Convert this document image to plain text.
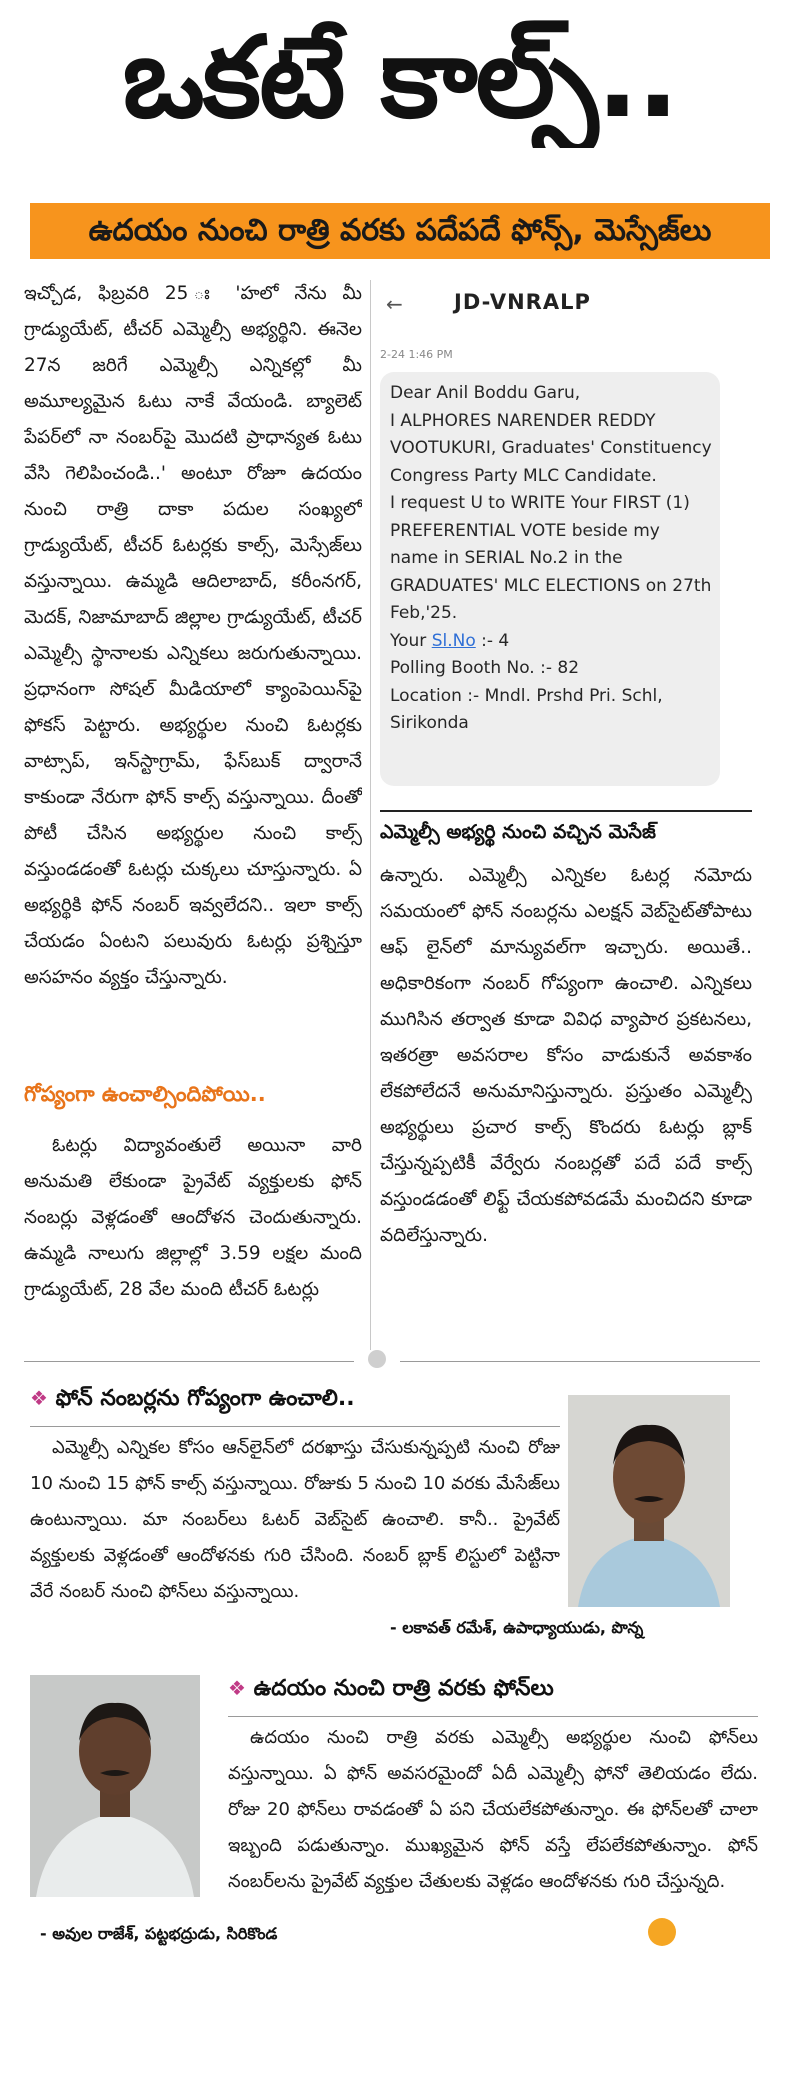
ఒకటే కాల్స్..
ఉదయం నుంచి రాత్రి వరకు పదేపదే ఫోన్స్, మెస్సేజ్‌లు
ఇచ్చోడ, ఫిబ్రవరి 25 ః 'హలో నేను మీ గ్రాడ్యుయేట్, టీచర్ ఎమ్మెల్సీ అభ్యర్థిని. ఈనెల 27న జరిగే ఎమ్మెల్సీ ఎన్నికల్లో మీ అమూల్యమైన ఓటు నాకే వేయండి. బ్యాలెట్ పేపర్‌లో నా నంబర్‌పై మొదటి ప్రాధాన్యత ఓటు వేసి గెలిపించండి..' అంటూ రోజూ ఉదయం నుంచి రాత్రి దాకా పదుల సంఖ్యలో గ్రాడ్యుయేట్, టీచర్ ఓటర్లకు కాల్స్, మెస్సేజ్‌లు వస్తున్నాయి. ఉమ్మడి ఆదిలాబాద్, కరీంనగర్, మెదక్, నిజామాబాద్ జిల్లాల గ్రాడ్యుయేట్, టీచర్ ఎమ్మెల్సీ స్థానాలకు ఎన్నికలు జరుగుతున్నాయి. ప్రధానంగా సోషల్ మీడియాలో క్యాంపెయిన్‌పై ఫోకస్ పెట్టారు. అభ్యర్థుల నుంచి ఓటర్లకు వాట్సాప్, ఇన్‌స్టాగ్రామ్, ఫేస్‌బుక్ ద్వారానే కాకుండా నేరుగా ఫోన్ కాల్స్ వస్తున్నాయి. దీంతో పోటీ చేసిన అభ్యర్థుల నుంచి కాల్స్ వస్తుండడంతో ఓటర్లు చుక్కలు చూస్తున్నారు. ఏ అభ్యర్థికి ఫోన్ నంబర్ ఇవ్వలేదని.. ఇలా కాల్స్ చేయడం ఏంటని పలువురు ఓటర్లు ప్రశ్నిస్తూ అసహనం వ్యక్తం చేస్తున్నారు.
గోప్యంగా ఉంచాల్సిందిపోయి..
ఓటర్లు విద్యావంతులే అయినా వారి అనుమతి లేకుండా ప్రైవేట్ వ్యక్తులకు ఫోన్ నంబర్లు వెళ్లడంతో ఆందోళన చెందుతున్నారు. ఉమ్మడి నాలుగు జిల్లాల్లో 3.59 లక్షల మంది గ్రాడ్యుయేట్, 28 వేల మంది టీచర్ ఓటర్లు
← JD-VNRALP
2-24 1:46 PM
Dear Anil Boddu Garu,
I ALPHORES NARENDER REDDY VOOTUKURI, Graduates' Constituency Congress Party MLC Candidate.
I request U to WRITE Your FIRST (1) PREFERENTIAL VOTE beside my name in SERIAL No.2 in the GRADUATES' MLC ELECTIONS on 27th Feb,'25.
Your Sl.No :- 4
Polling Booth No. :- 82
Location :- Mndl. Prshd Pri. Schl, Sirikonda
ఎమ్మెల్సీ అభ్యర్థి నుంచి వచ్చిన మెసేజ్
ఉన్నారు. ఎమ్మెల్సీ ఎన్నికల ఓటర్ల నమోదు సమయంలో ఫోన్ నంబర్లను ఎలక్షన్ వెబ్‌సైట్‌తోపాటు ఆఫ్ లైన్‌లో మాన్యువల్‌గా ఇచ్చారు. అయితే.. అధికారికంగా నంబర్ గోప్యంగా ఉంచాలి. ఎన్నికలు ముగిసిన తర్వాత కూడా వివిధ వ్యాపార ప్రకటనలు, ఇతరత్రా అవసరాల కోసం వాడుకునే అవకాశం లేకపోలేదనే అనుమానిస్తున్నారు. ప్రస్తుతం ఎమ్మెల్సీ అభ్యర్థులు ప్రచార కాల్స్ కొందరు ఓటర్లు బ్లాక్ చేస్తున్నప్పటికీ వేర్వేరు నంబర్లతో పదే పదే కాల్స్ వస్తుండడంతో లిఫ్ట్ చేయకపోవడమే మంచిదని కూడా వదిలేస్తున్నారు.
❖ ఫోన్ నంబర్లను గోప్యంగా ఉంచాలి..
ఎమ్మెల్సీ ఎన్నికల కోసం ఆన్‌లైన్‌లో దరఖాస్తు చేసుకున్నప్పటి నుంచి రోజు 10 నుంచి 15 ఫోన్ కాల్స్ వస్తున్నాయి. రోజుకు 5 నుంచి 10 వరకు మేసేజ్‌లు ఉంటున్నాయి. మా నంబర్‌లు ఓటర్ వెబ్‌సైట్ ఉంచాలి. కానీ.. ప్రైవేట్ వ్యక్తులకు వెళ్లడంతో ఆందోళనకు గురి చేసింది. నంబర్ బ్లాక్ లిస్టులో పెట్టినా వేరే నంబర్ నుంచి ఫోన్‌లు వస్తున్నాయి.
- లకావత్ రమేశ్, ఉపాధ్యాయుడు, పొన్న
❖ ఉదయం నుంచి రాత్రి వరకు ఫోన్‌లు
ఉదయం నుంచి రాత్రి వరకు ఎమ్మెల్సీ అభ్యర్థుల నుంచి ఫోన్‌లు వస్తున్నాయి. ఏ ఫోన్ అవసరమైందో ఏదీ ఎమ్మెల్సీ ఫోనో తెలియడం లేదు. రోజు 20 ఫోన్‌లు రావడంతో ఏ పని చేయలేకపోతున్నాం. ఈ ఫోన్‌లతో చాలా ఇబ్బంది పడుతున్నాం. ముఖ్యమైన ఫోన్ వస్తే లేపలేకపోతున్నాం. ఫోన్ నంబర్‌లను ప్రైవేట్ వ్యక్తుల చేతులకు వెళ్లడం ఆందోళనకు గురి చేస్తున్నది.
- అవుల రాజేశ్, పట్టభద్రుడు, సిరికొండ
